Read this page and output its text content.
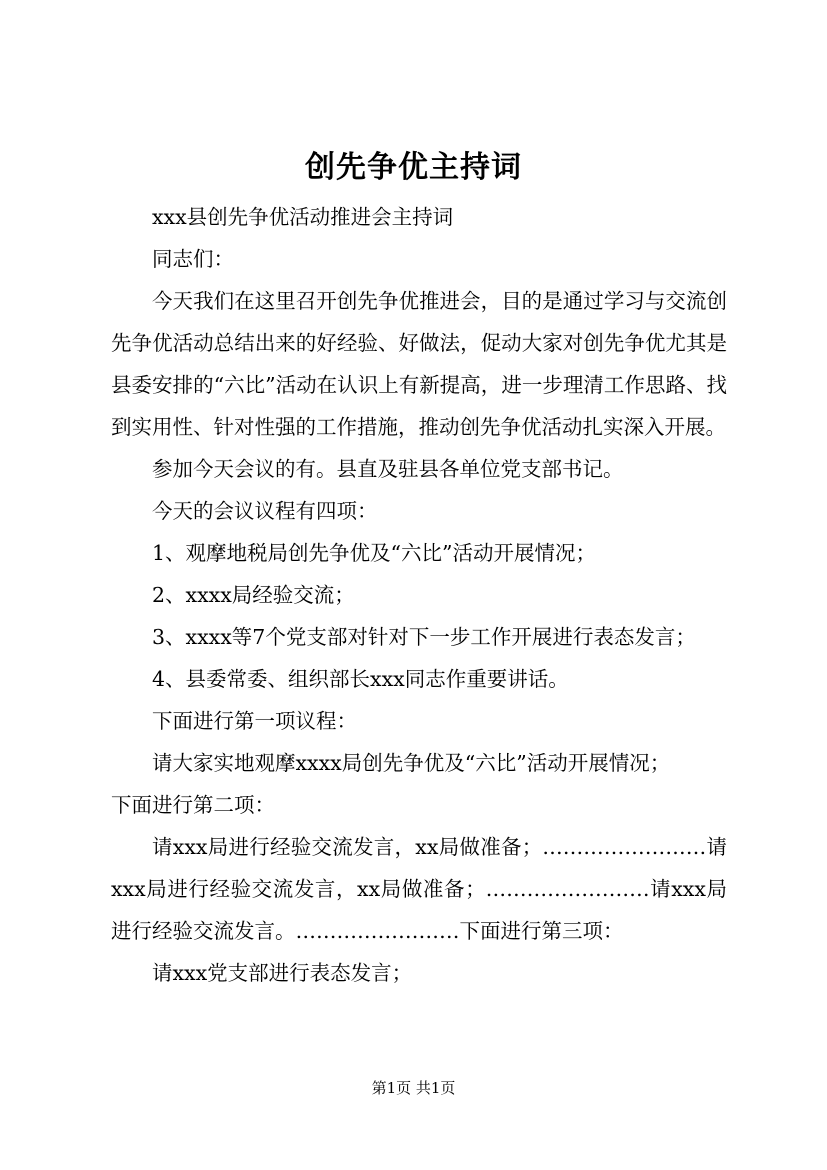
创先争优主持词

xxx县创先争优活动推进会主持词

同志们：

今天我们在这里召开创先争优推进会，目的是通过学习与交流创先争优活动总结出来的好经验、好做法，促动大家对创先争优尤其是县委安排的“六比”活动在认识上有新提高，进一步理清工作思路、找到实用性、针对性强的工作措施，推动创先争优活动扎实深入开展。

参加今天会议的有。县直及驻县各单位党支部书记。

今天的会议议程有四项：

1、观摩地税局创先争优及“六比”活动开展情况；

2、xxxx局经验交流；

3、xxxx等7个党支部对针对下一步工作开展进行表态发言；

4、县委常委、组织部长xxx同志作重要讲话。

下面进行第一项议程：

请大家实地观摩xxxx局创先争优及“六比”活动开展情况；

下面进行第二项：

请xxx局进行经验交流发言，xx局做准备；……………………请xxx局进行经验交流发言，xx局做准备；……………………请xxx局进行经验交流发言。……………………下面进行第三项：

请xxx党支部进行表态发言；

第1页 共1页
